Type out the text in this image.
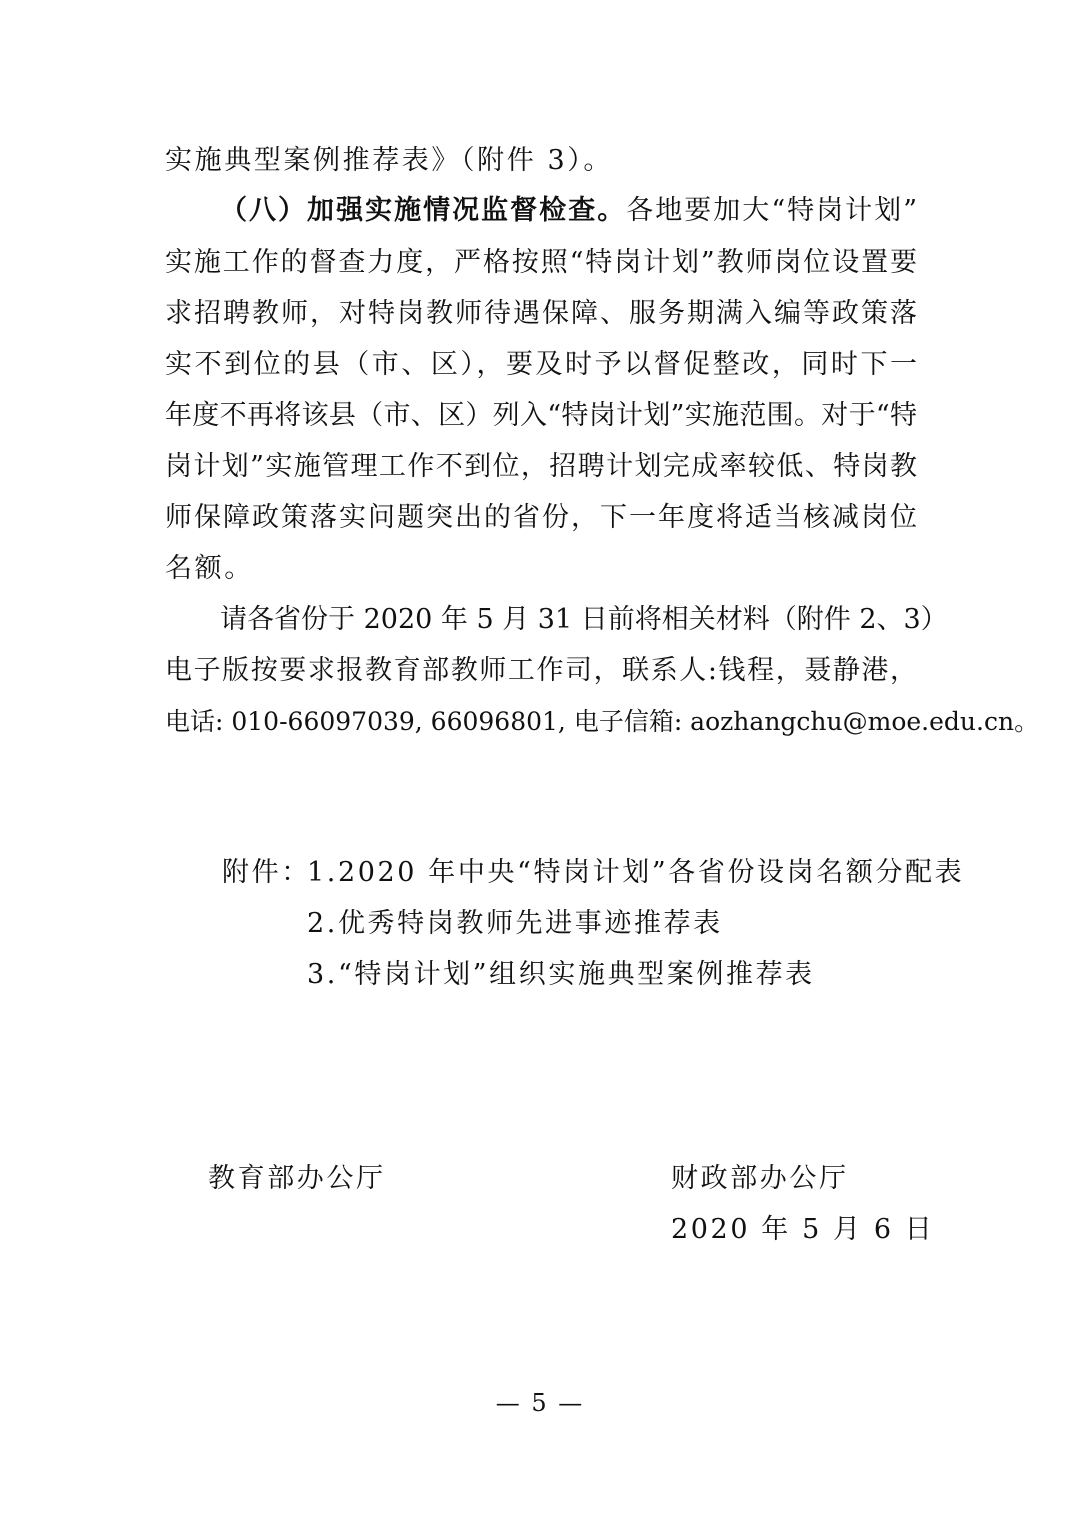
实施典型案例推荐表》（附件 3）。
（八）加强实施情况监督检查。各地要加大“特岗计划”
实施工作的督查力度，严格按照“特岗计划”教师岗位设置要
求招聘教师，对特岗教师待遇保障、服务期满入编等政策落
实不到位的县（市、区），要及时予以督促整改，同时下一
年度不再将该县（市、区）列入“特岗计划”实施范围。对于“特
岗计划”实施管理工作不到位，招聘计划完成率较低、特岗教
师保障政策落实问题突出的省份，下一年度将适当核减岗位
名额。
请各省份于 2020 年 5 月 31 日前将相关材料（附件 2、3）
电子版按要求报教育部教师工作司，联系人:钱程，聂静港，
电话: 010-66097039, 66096801, 电子信箱: aozhangchu@moe.edu.cn。
附件：
1.2020 年中央“特岗计划”各省份设岗名额分配表
2.优秀特岗教师先进事迹推荐表
3.“特岗计划”组织实施典型案例推荐表
教育部办公厅	财政部办公厅
2020 年 5 月 6 日
— 5 —
